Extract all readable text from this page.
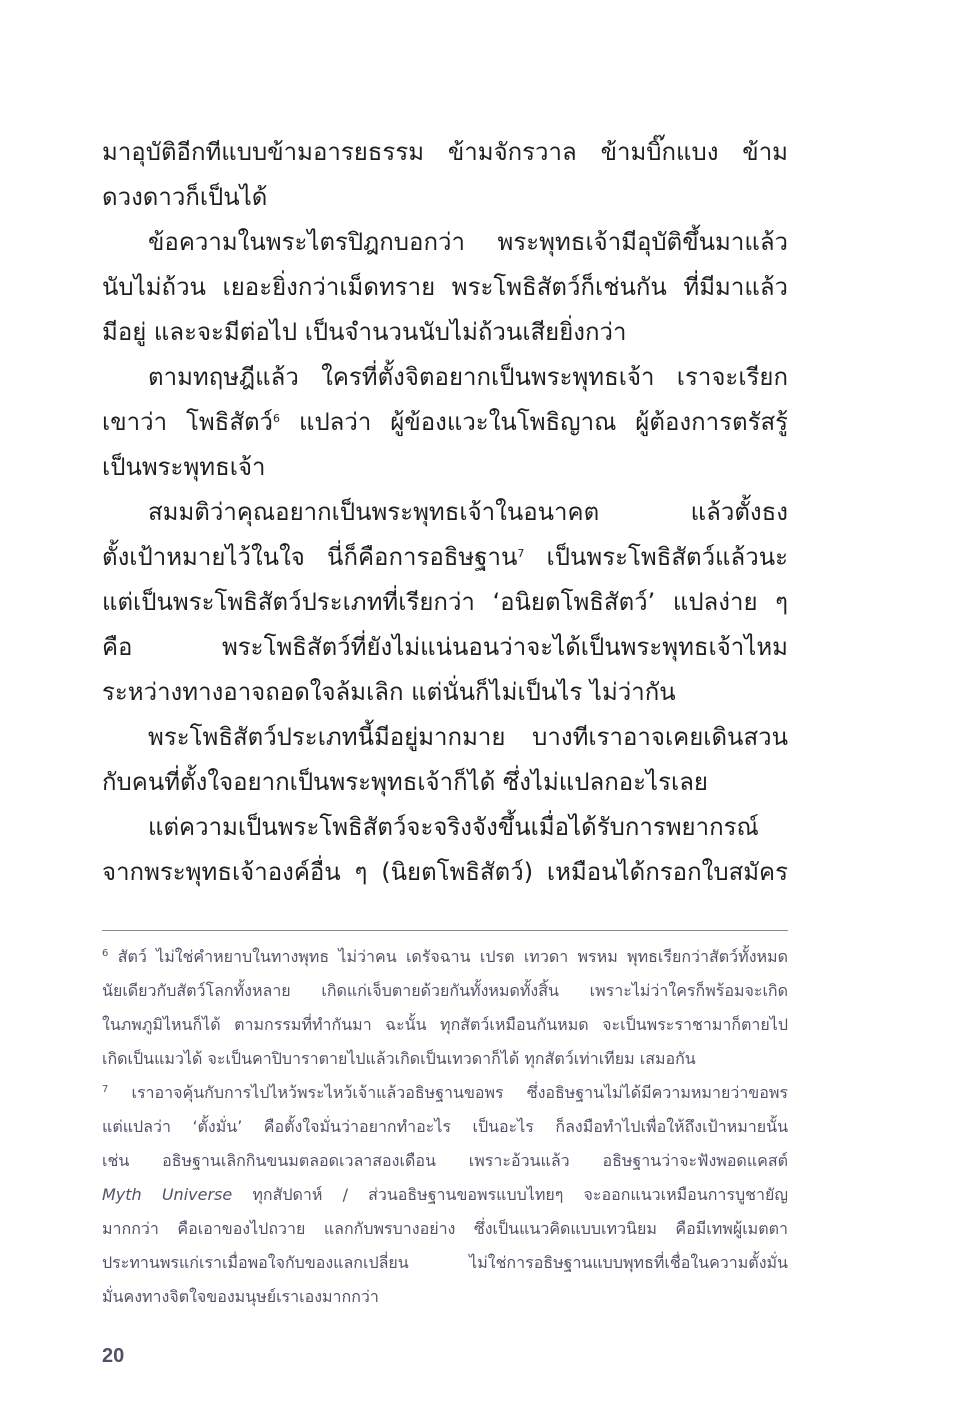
มาอุบัติอีกทีแบบข้ามอารยธรรม ข้ามจักรวาล ข้ามบิ๊กแบง ข้าม
ดวงดาวก็เป็นได้
ข้อความในพระไตรปิฎกบอกว่า พระพุทธเจ้ามีอุบัติขึ้นมาแล้ว
นับไม่ถ้วน เยอะยิ่งกว่าเม็ดทราย พระโพธิสัตว์ก็เช่นกัน ที่มีมาแล้ว
มีอยู่ และจะมีต่อไป เป็นจำนวนนับไม่ถ้วนเสียยิ่งกว่า
ตามทฤษฎีแล้ว ใครที่ตั้งจิตอยากเป็นพระพุทธเจ้า เราจะเรียก
เขาว่า โพธิสัตว์$^6$ แปลว่า ผู้ข้องแวะในโพธิญาณ ผู้ต้องการตรัสรู้
เป็นพระพุทธเจ้า
สมมติว่าคุณอยากเป็นพระพุทธเจ้าในอนาคต แล้วตั้งธง
ตั้งเป้าหมายไว้ในใจ นี่ก็คือการอธิษฐาน$^7$ เป็นพระโพธิสัตว์แล้วนะ
แต่เป็นพระโพธิสัตว์ประเภทที่เรียกว่า ‘อนิยตโพธิสัตว์’ แปลง่าย ๆ
คือ พระโพธิสัตว์ที่ยังไม่แน่นอนว่าจะได้เป็นพระพุทธเจ้าไหม
ระหว่างทางอาจถอดใจล้มเลิก แต่นั่นก็ไม่เป็นไร ไม่ว่ากัน
พระโพธิสัตว์ประเภทนี้มีอยู่มากมาย บางทีเราอาจเคยเดินสวน
กับคนที่ตั้งใจอยากเป็นพระพุทธเจ้าก็ได้ ซึ่งไม่แปลกอะไรเลย
แต่ความเป็นพระโพธิสัตว์จะจริงจังขึ้นเมื่อได้รับการพยากรณ์
จากพระพุทธเจ้าองค์อื่น ๆ (นิยตโพธิสัตว์) เหมือนได้กรอกใบสมัคร
$^6$ สัตว์ ไม่ใช่คำหยาบในทางพุทธ ไม่ว่าคน เดรัจฉาน เปรต เทวดา พรหม พุทธเรียกว่าสัตว์ทั้งหมด
นัยเดียวกับสัตว์โลกทั้งหลาย เกิดแก่เจ็บตายด้วยกันทั้งหมดทั้งสิ้น เพราะไม่ว่าใครก็พร้อมจะเกิด
ในภพภูมิไหนก็ได้ ตามกรรมที่ทำกันมา ฉะนั้น ทุกสัตว์เหมือนกันหมด จะเป็นพระราชามาก็ตายไป
เกิดเป็นแมวได้ จะเป็นคาปิบาราตายไปแล้วเกิดเป็นเทวดาก็ได้ ทุกสัตว์เท่าเทียม เสมอกัน
$^7$ เราอาจคุ้นกับการไปไหว้พระไหว้เจ้าแล้วอธิษฐานขอพร ซึ่งอธิษฐานไม่ได้มีความหมายว่าขอพร
แต่แปลว่า ‘ตั้งมั่น’ คือตั้งใจมั่นว่าอยากทำอะไร เป็นอะไร ก็ลงมือทำไปเพื่อให้ถึงเป้าหมายนั้น
เช่น อธิษฐานเลิกกินขนมตลอดเวลาสองเดือน เพราะอ้วนแล้ว อธิษฐานว่าจะฟังพอดแคสต์
Myth Universe ทุกสัปดาห์ / ส่วนอธิษฐานขอพรแบบไทยๆ จะออกแนวเหมือนการบูชายัญ
มากกว่า คือเอาของไปถวาย แลกกับพรบางอย่าง ซึ่งเป็นแนวคิดแบบเทวนิยม คือมีเทพผู้เมตตา
ประทานพรแก่เราเมื่อพอใจกับของแลกเปลี่ยน ไม่ใช่การอธิษฐานแบบพุทธที่เชื่อในความตั้งมั่น
มั่นคงทางจิตใจของมนุษย์เราเองมากกว่า
20
